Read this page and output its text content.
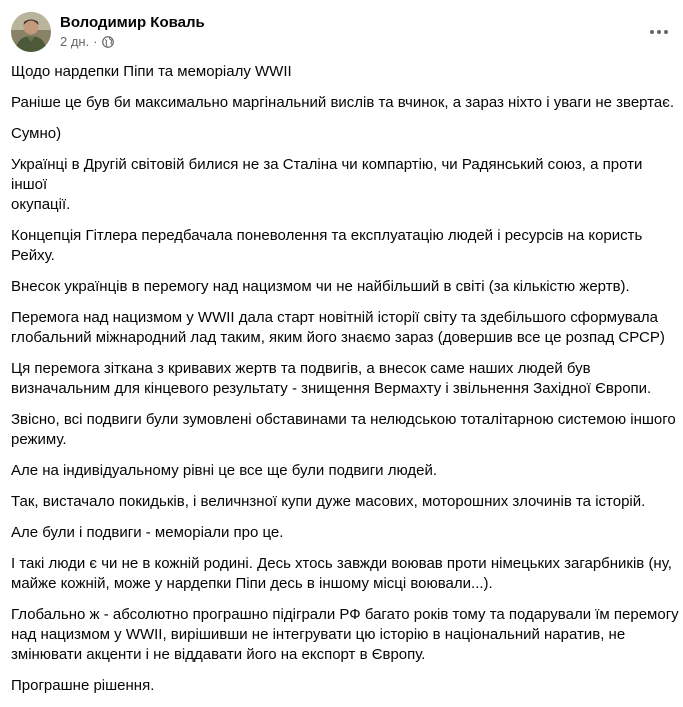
Володимир Коваль
2 дн. ·

Щодо нардепки Піпи та меморіалу WWII

Раніше це був би максимально маргінальний вислів та вчинок, а зараз ніхто і уваги не звертає.

Сумно)

Українці в Другій світовій билися не за Сталіна чи компартію, чи Радянський союз, а проти іншої
окупації.

Концепція Гітлера передбачала поневолення та експлуатацію людей і ресурсів на користь Рейху.

Внесок українців в перемогу над нацизмом чи не найбільший в світі (за кількістю жертв).

Перемога над нацизмом у WWII дала старт новітній історії світу та здебільшого сформувала
глобальний міжнародний лад таким, яким його знаємо зараз (довершив все це розпад СРСР)

Ця перемога зіткана з кривавих жертв та подвигів, а внесок саме наших людей був
визначальним для кінцевого результату - знищення Вермахту і звільнення Західної Європи.

Звісно, всі подвиги були зумовлені обставинами та нелюдською тоталітарною системою іншого
режиму.

Але на індивідуальному рівні це все ще були подвиги людей.

Так, вистачало покидьків, і величнзної купи дуже масових, моторошних злочинів та історій.

Але були і подвиги - меморіали про це.

І такі люди є чи не в кожній родині. Десь хтось завжди воював проти німецьких загарбників (ну,
майже кожній, може у нардепки Піпи десь в іншому місці воювали...).

Глобально ж - абсолютно програшно підіграли РФ багато років тому та подарували їм перемогу
над нацизмом у WWII, вирішивши не інтегрувати цю історію в національний наратив, не
змінювати акценти і не віддавати його на експорт в Європу.

Програшне рішення.
